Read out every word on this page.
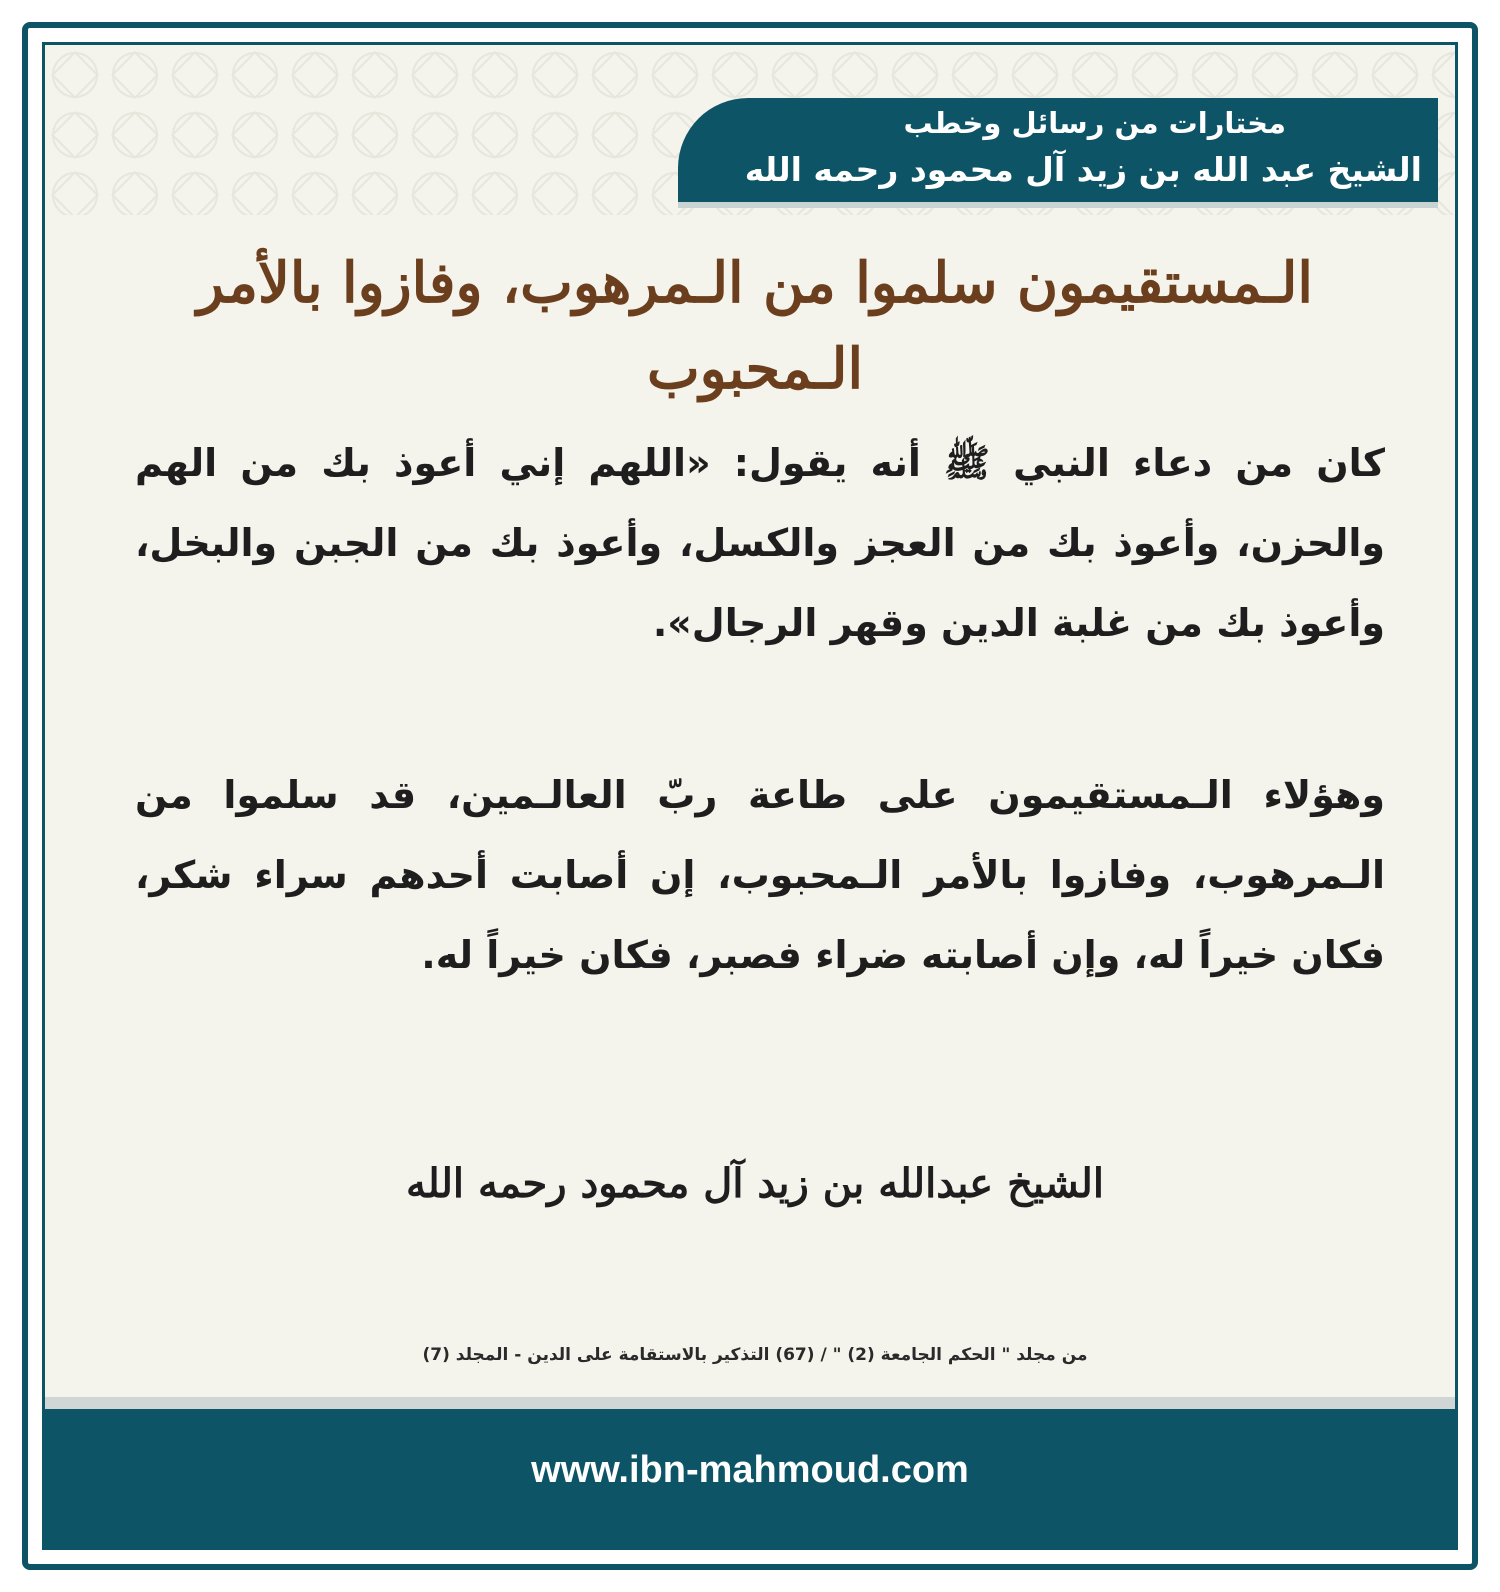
مختارات من رسائل وخطب
الشيخ عبد الله بن زيد آل محمود رحمه الله
الـمستقيمون سلموا من الـمرهوب، وفازوا بالأمر الـمحبوب
كان من دعاء النبي ﷺ أنه يقول: «اللهم إني أعوذ بك من الهم والحزن، وأعوذ بك من العجز والكسل، وأعوذ بك من الجبن والبخل، وأعوذ بك من غلبة الدين وقهر الرجال».
وهؤلاء الـمستقيمون على طاعة ربّ العالـمين، قد سلموا من الـمرهوب، وفازوا بالأمر الـمحبوب، إن أصابت أحدهم سراء شكر، فكان خيراً له، وإن أصابته ضراء فصبر، فكان خيراً له.
الشيخ عبدالله بن زيد آل محمود رحمه الله
من مجلد " الحكم الجامعة (2) " / (67) التذكير بالاستقامة على الدين - المجلد (7)
www.ibn-mahmoud.com
